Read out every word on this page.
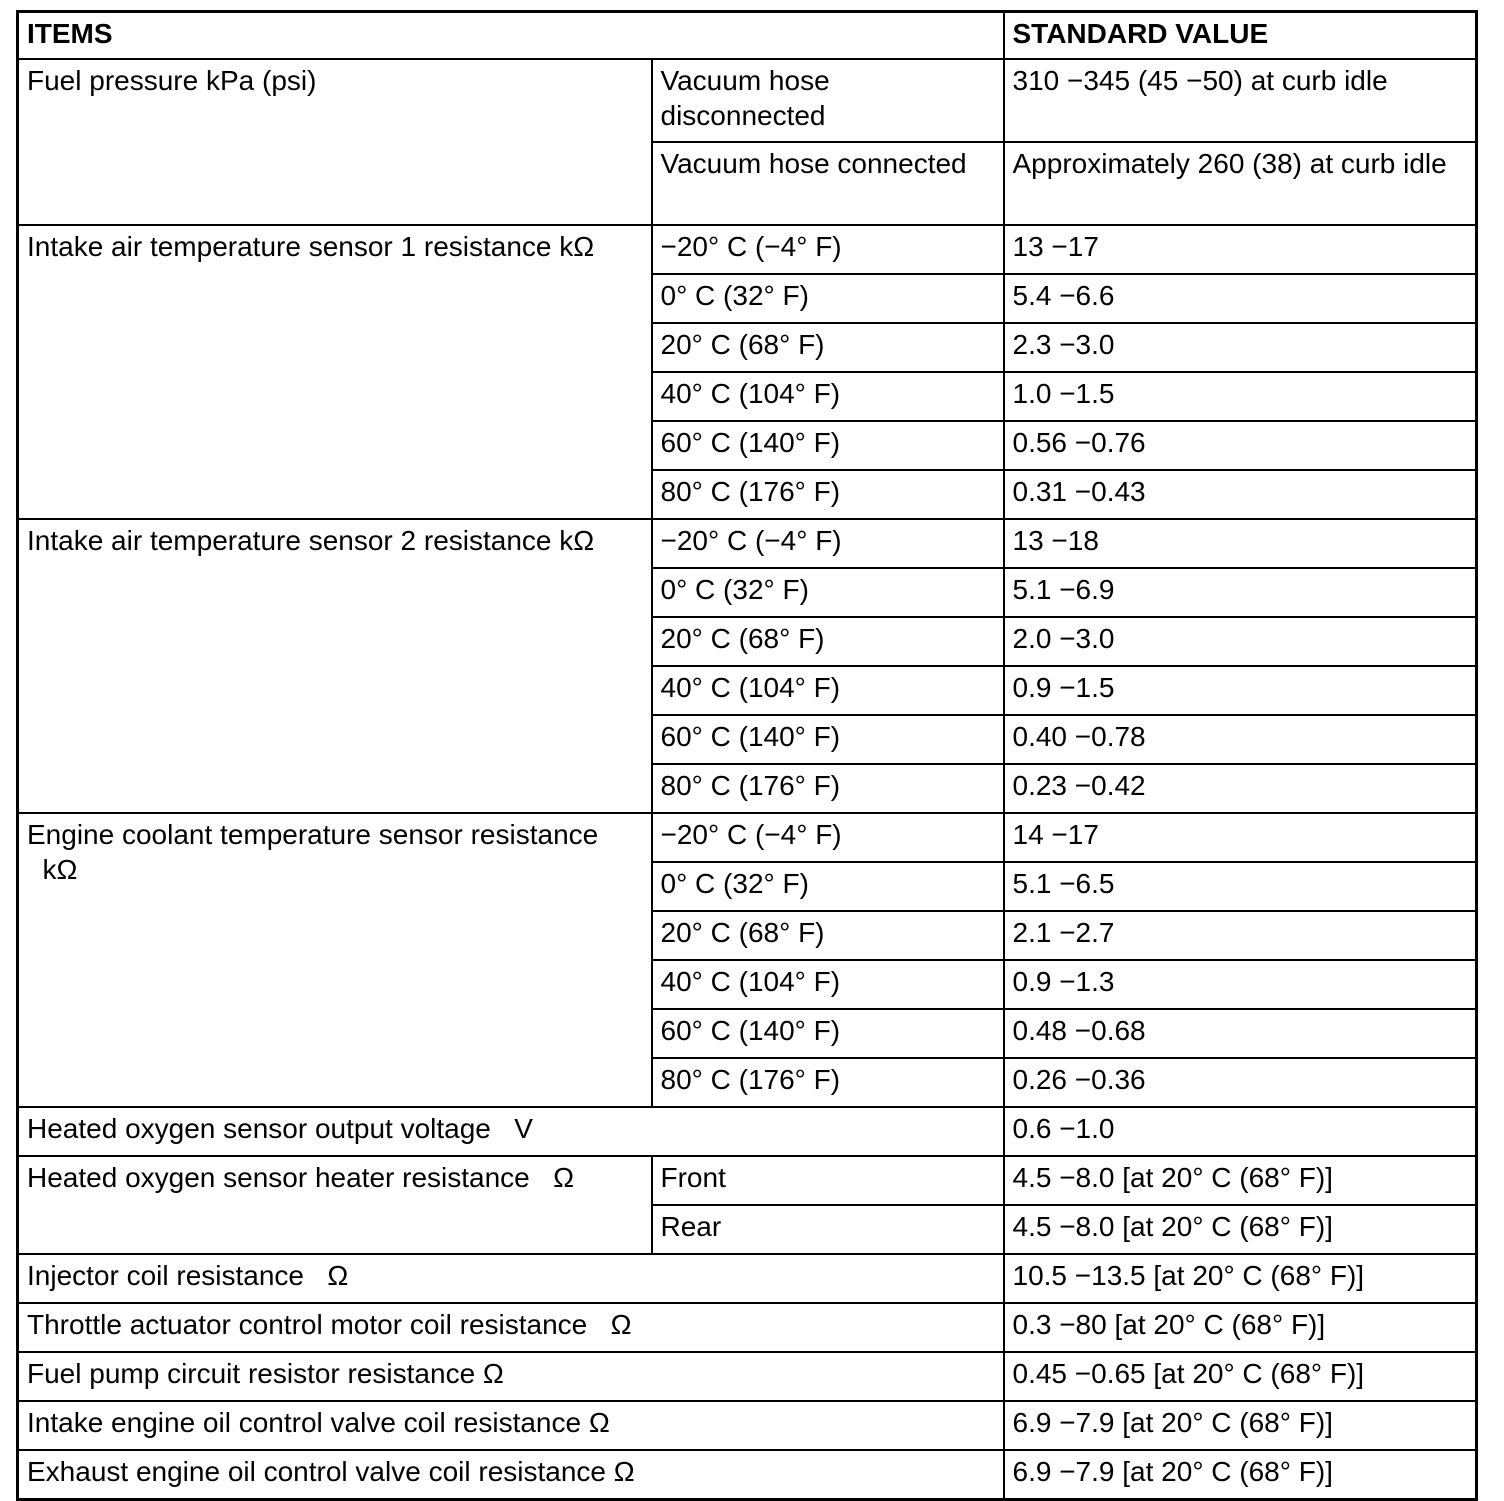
ITEMS		STANDARD VALUE
Fuel pressure kPa (psi)	Vacuum hose disconnected	310 −345 (45 −50) at curb idle
	Vacuum hose connected	Approximately 260 (38) at curb idle
Intake air temperature sensor 1 resistance kΩ	−20° C (−4° F)	13 −17
	0° C (32° F)	5.4 −6.6
	20° C (68° F)	2.3 −3.0
	40° C (104° F)	1.0 −1.5
	60° C (140° F)	0.56 −0.76
	80° C (176° F)	0.31 −0.43
Intake air temperature sensor 2 resistance kΩ	−20° C (−4° F)	13 −18
	0° C (32° F)	5.1 −6.9
	20° C (68° F)	2.0 −3.0
	40° C (104° F)	0.9 −1.5
	60° C (140° F)	0.40 −0.78
	80° C (176° F)	0.23 −0.42
Engine coolant temperature sensor resistance   kΩ	−20° C (−4° F)	14 −17
	0° C (32° F)	5.1 −6.5
	20° C (68° F)	2.1 −2.7
	40° C (104° F)	0.9 −1.3
	60° C (140° F)	0.48 −0.68
	80° C (176° F)	0.26 −0.36
Heated oxygen sensor output voltage   V		0.6 −1.0
Heated oxygen sensor heater resistance   Ω	Front	4.5 −8.0 [at 20° C (68° F)]
	Rear	4.5 −8.0 [at 20° C (68° F)]
Injector coil resistance   Ω		10.5 −13.5 [at 20° C (68° F)]
Throttle actuator control motor coil resistance   Ω		0.3 −80 [at 20° C (68° F)]
Fuel pump circuit resistor resistance Ω		0.45 −0.65 [at 20° C (68° F)]
Intake engine oil control valve coil resistance Ω		6.9 −7.9 [at 20° C (68° F)]
Exhaust engine oil control valve coil resistance Ω		6.9 −7.9 [at 20° C (68° F)]
